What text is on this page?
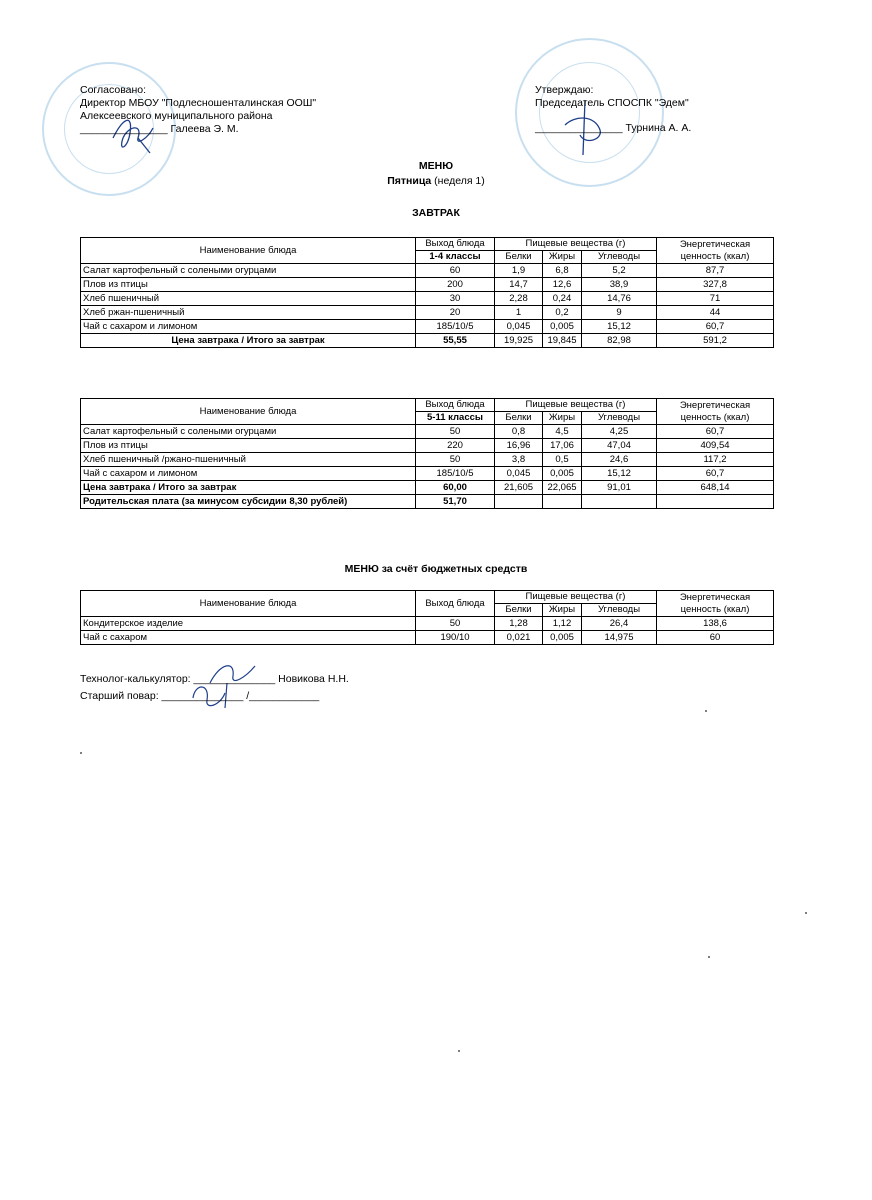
Согласовано:
Директор МБОУ "Подлесношенталинская ООШ"
Алексеевского муниципального района
_______________ Галеева Э. М.
Утверждаю:
Председатель СПОСПК "Эдем"
_______________ Турнина А. А.
МЕНЮ
Пятница (неделя 1)
ЗАВТРАК
Наименование блюда	Выход блюда	Пищевые вещества (г)			Энергетическая
ценность (ккал)

	1-4 классы	Белки	Жиры	Углеводы	
Салат картофельный с солеными огурцами	60	1,9	6,8	5,2	87,7
Плов из птицы	200	14,7	12,6	38,9	327,8
Хлеб пшеничный	30	2,28	0,24	14,76	71
Хлеб ржан-пшеничный	20	1	0,2	9	44
Чай с сахаром и лимоном	185/10/5	0,045	0,005	15,12	60,7
Цена завтрака / Итого за завтрак	55,55	19,925	19,845	82,98	591,2
Наименование блюда	Выход блюда	Пищевые вещества (г)			Энергетическая
ценность (ккал)

	5-11 классы	Белки	Жиры	Углеводы	
Салат картофельный с солеными огурцами	50	0,8	4,5	4,25	60,7
Плов из птицы	220	16,96	17,06	47,04	409,54
Хлеб пшеничный /ржано-пшеничный	50	3,8	0,5	24,6	117,2
Чай с сахаром и лимоном	185/10/5	0,045	0,005	15,12	60,7
Цена завтрака / Итого за завтрак	60,00	21,605	22,065	91,01	648,14
Родительская плата (за минусом субсидии 8,30 рублей)	51,70				
МЕНЮ за счёт бюджетных средств
Наименование блюда	Выход блюда	Пищевые вещества (г)			Энергетическая
ценность (ккал)

		Белки	Жиры	Углеводы	
Кондитерское изделие	50	1,28	1,12	26,4	138,6
Чай с сахаром	190/10	0,021	0,005	14,975	60
Технолог-калькулятор: ______________ Новикова Н.Н.
Старший повар: ______________ /____________
